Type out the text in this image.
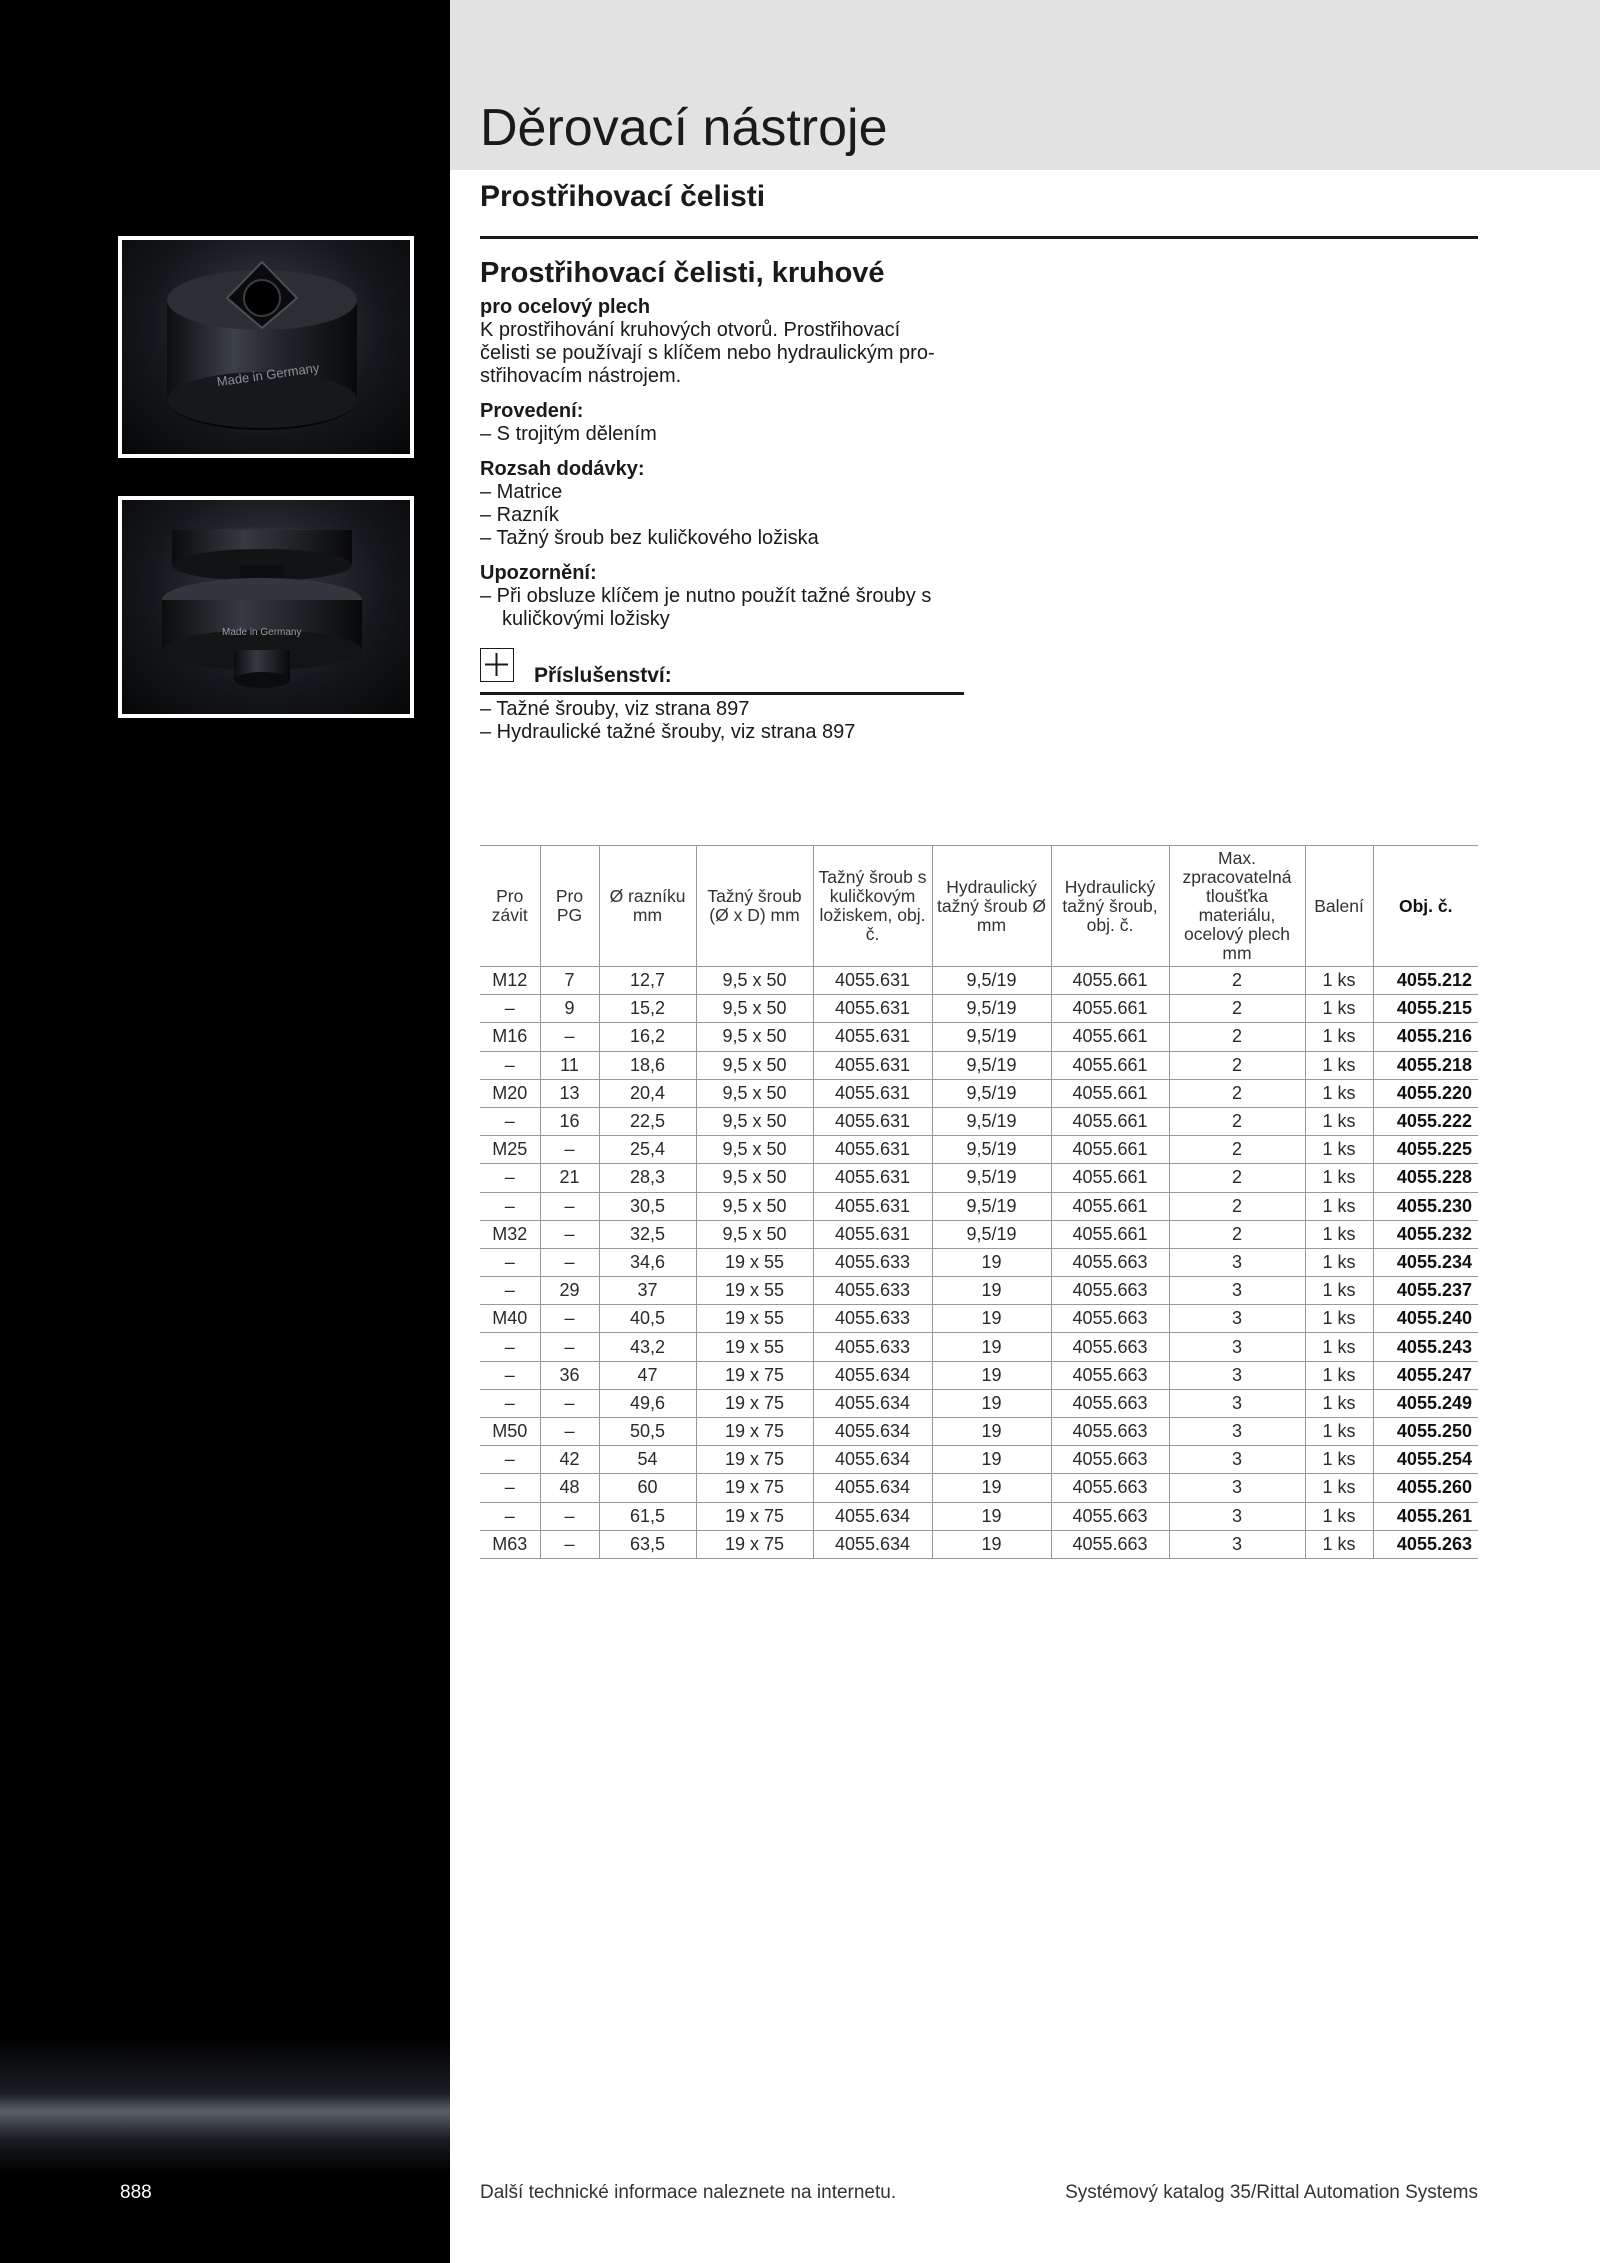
Děrovací nástroje
Prostřihovací čelisti
Made in Germany
Made in Germany
Prostřihovací čelisti, kruhové

pro ocelový plech

K prostřihování kruhových otvorů. Prostřihovací

čelisti se používají s klíčem nebo hydraulickým pro-

střihovacím nástrojem.

Provedení:

– S trojitým dělením

Rozsah dodávky:

– Matrice

– Razník

– Tažný šroub bez kuličkového ložiska

Upozornění:

– Při obsluze klíčem je nutno použít tažné šrouby s kuličkovými ložisky

Příslušenství:
– Tažné šrouby, viz strana 897
– Hydraulické tažné šrouby, viz strana 897
Pro závit	Pro PG	Ø razníku mm	Tažný šroub (Ø x D) mm	Tažný šroub s kuličkovým ložiskem, obj. č.	Hydraulický tažný šroub Ø mm	Hydraulický tažný šroub, obj. č.	Max. zpracovatelná tloušťka materiálu, ocelový plech mm	Balení	Obj. č.
M12	7	12,7	9,5 x 50	4055.631	9,5/19	4055.661	2	1 ks	4055.212
–	9	15,2	9,5 x 50	4055.631	9,5/19	4055.661	2	1 ks	4055.215
M16	–	16,2	9,5 x 50	4055.631	9,5/19	4055.661	2	1 ks	4055.216
–	11	18,6	9,5 x 50	4055.631	9,5/19	4055.661	2	1 ks	4055.218
M20	13	20,4	9,5 x 50	4055.631	9,5/19	4055.661	2	1 ks	4055.220
–	16	22,5	9,5 x 50	4055.631	9,5/19	4055.661	2	1 ks	4055.222
M25	–	25,4	9,5 x 50	4055.631	9,5/19	4055.661	2	1 ks	4055.225
–	21	28,3	9,5 x 50	4055.631	9,5/19	4055.661	2	1 ks	4055.228
–	–	30,5	9,5 x 50	4055.631	9,5/19	4055.661	2	1 ks	4055.230
M32	–	32,5	9,5 x 50	4055.631	9,5/19	4055.661	2	1 ks	4055.232
–	–	34,6	19 x 55	4055.633	19	4055.663	3	1 ks	4055.234
–	29	37	19 x 55	4055.633	19	4055.663	3	1 ks	4055.237
M40	–	40,5	19 x 55	4055.633	19	4055.663	3	1 ks	4055.240
–	–	43,2	19 x 55	4055.633	19	4055.663	3	1 ks	4055.243
–	36	47	19 x 75	4055.634	19	4055.663	3	1 ks	4055.247
–	–	49,6	19 x 75	4055.634	19	4055.663	3	1 ks	4055.249
M50	–	50,5	19 x 75	4055.634	19	4055.663	3	1 ks	4055.250
–	42	54	19 x 75	4055.634	19	4055.663	3	1 ks	4055.254
–	48	60	19 x 75	4055.634	19	4055.663	3	1 ks	4055.260
–	–	61,5	19 x 75	4055.634	19	4055.663	3	1 ks	4055.261
M63	–	63,5	19 x 75	4055.634	19	4055.663	3	1 ks	4055.263
888	Další technické informace naleznete na internetu.	Systémový katalog 35/Rittal Automation Systems
